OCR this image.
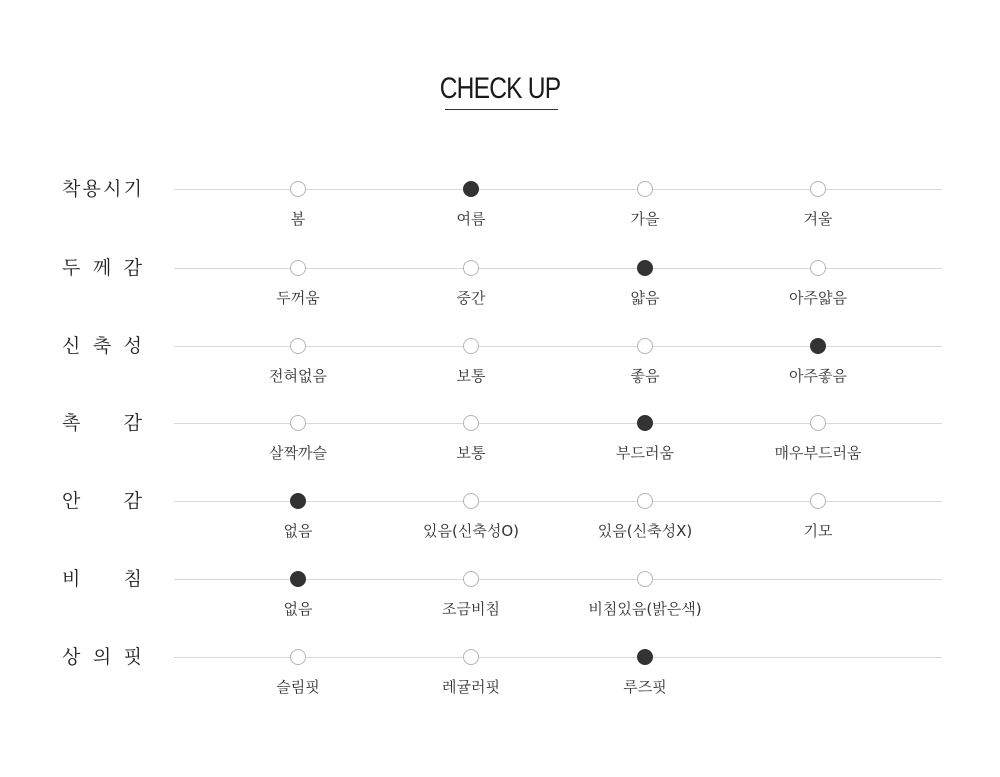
CHECK UP
착 용 시 기
봄	여름	가을	겨울
두 께 감
두꺼움	중간	얇음	아주얇음
신 축 성
전혀없음	보통	좋음	아주좋음
촉 감
살짝까슬	보통	부드러움	매우부드러움
안 감
없음	있음(신축성O)	있음(신축성X)	기모
비 침
없음	조금비침	비침있음(밝은색)
상 의 핏
슬림핏	레귤러핏	루즈핏
